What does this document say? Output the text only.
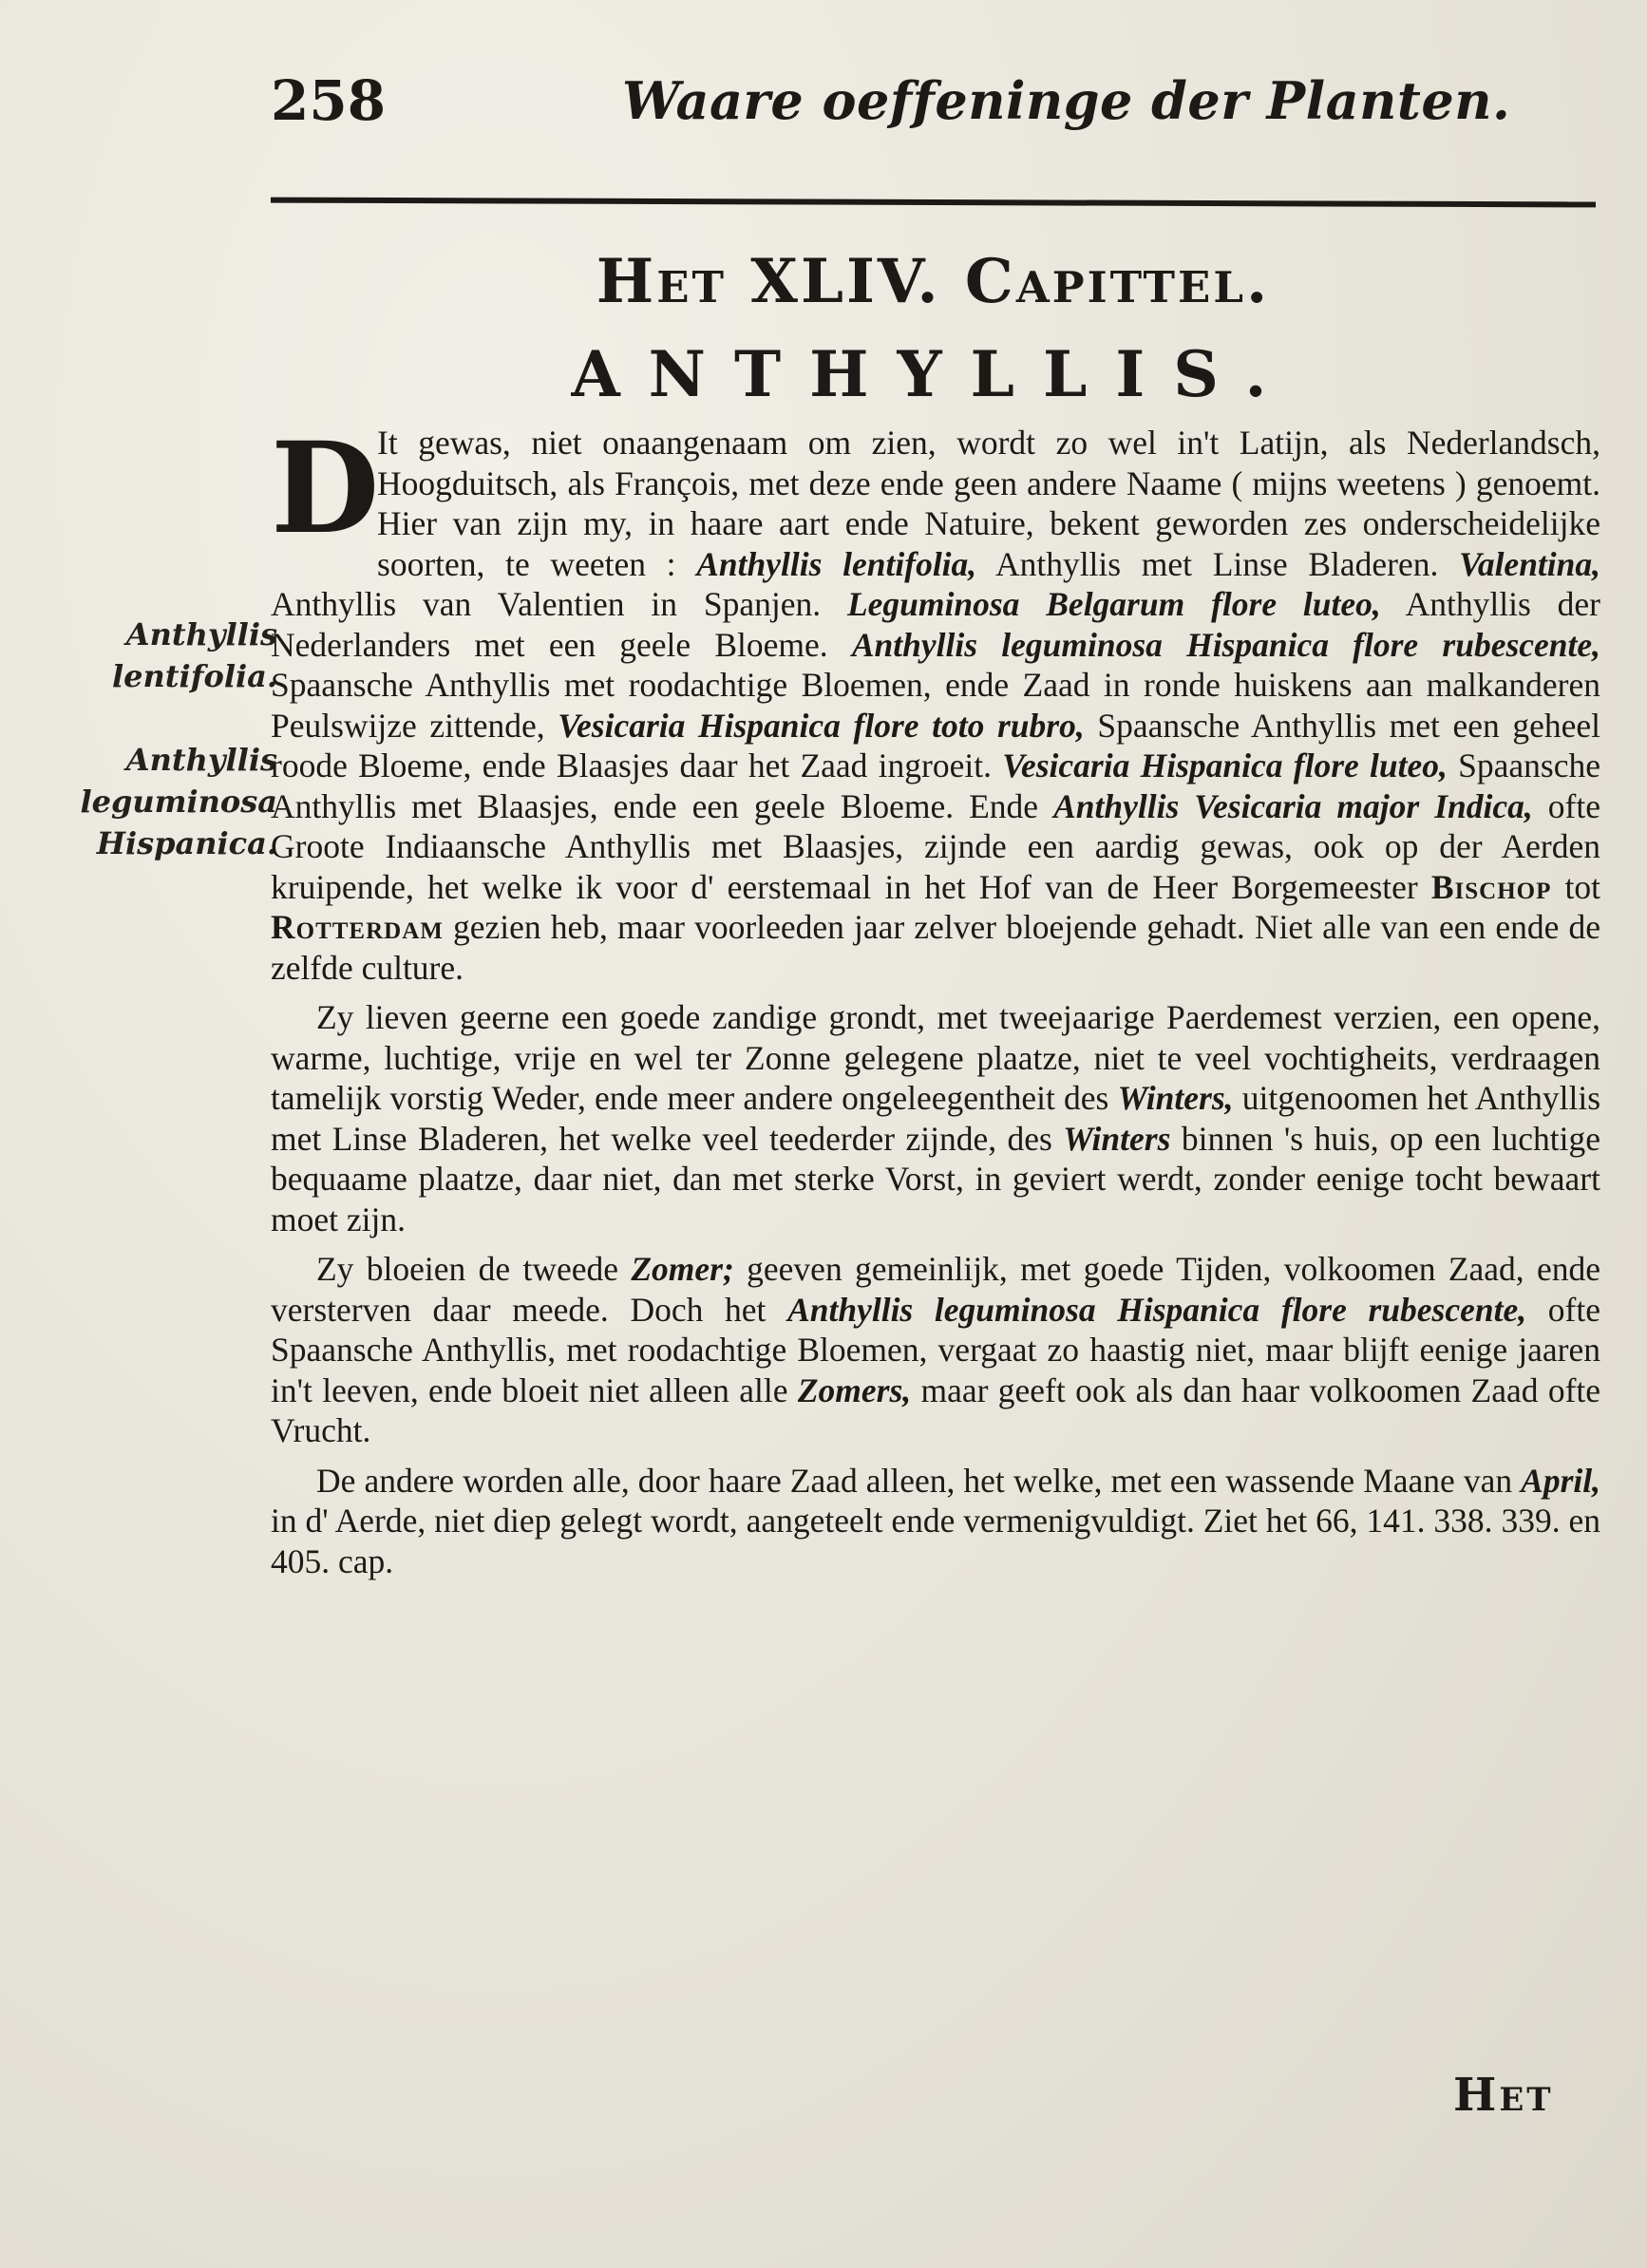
258	Waare oeffeninge der Planten.
Het XLIV. Capittel.
ANTHYLLIS.
Anthyllis lentifolia.
Anthyllis leguminosa Hispanica.

D
It gewas, niet onaangenaam om zien, wordt zo wel in't Latijn, als Nederlandsch, Hoogduitsch, als François, met deze ende geen andere Naame ( mijns weetens ) genoemt. Hier van zijn my, in haare aart ende Natuire, bekent geworden zes onderscheidelijke soorten, te weeten : Anthyllis lentifolia, Anthyllis met Linse Bladeren. Valentina, Anthyllis van Valentien in Spanjen. Leguminosa Belgarum flore luteo, Anthyllis der Nederlanders met een geele Bloeme. Anthyllis leguminosa Hispanica flore rubescente, Spaansche Anthyllis met roodachtige Bloemen, ende Zaad in ronde huiskens aan malkanderen Peulswijze zittende, Vesicaria Hispanica flore toto rubro, Spaansche Anthyllis met een geheel roode Bloeme, ende Blaasjes daar het Zaad ingroeit. Vesicaria Hispanica flore luteo, Spaansche Anthyllis met Blaasjes, ende een geele Bloeme. Ende Anthyllis Vesicaria major Indica, ofte Groote Indiaansche Anthyllis met Blaasjes, zijnde een aardig gewas, ook op der Aerden kruipende, het welke ik voor d' eerstemaal in het Hof van de Heer Borgemeester Bischop tot Rotterdam gezien heb, maar voorleeden jaar zelver bloejende gehadt. Niet alle van een ende de zelfde culture.

Zy lieven geerne een goede zandige grondt, met tweejaarige Paerdemest verzien, een opene, warme, luchtige, vrije en wel ter Zonne gelegene plaatze, niet te veel vochtigheits, verdraagen tamelijk vorstig Weder, ende meer andere ongeleegentheit des Winters, uitgenoomen het Anthyllis met Linse Bladeren, het welke veel teederder zijnde, des Winters binnen 's huis, op een luchtige bequaame plaatze, daar niet, dan met sterke Vorst, in geviert werdt, zonder eenige tocht bewaart moet zijn.

Zy bloeien de tweede Zomer; geeven gemeinlijk, met goede Tijden, volkoomen Zaad, ende versterven daar meede. Doch het Anthyllis leguminosa Hispanica flore rubescente, ofte Spaansche Anthyllis, met roodachtige Bloemen, vergaat zo haastig niet, maar blijft eenige jaaren in't leeven, ende bloeit niet alleen alle Zomers, maar geeft ook als dan haar volkoomen Zaad ofte Vrucht.

De andere worden alle, door haare Zaad alleen, het welke, met een wassende Maane van April, in d' Aerde, niet diep gelegt wordt, aangeteelt ende vermenigvuldigt. Ziet het 66, 141. 338. 339. en 405. cap.

Het
